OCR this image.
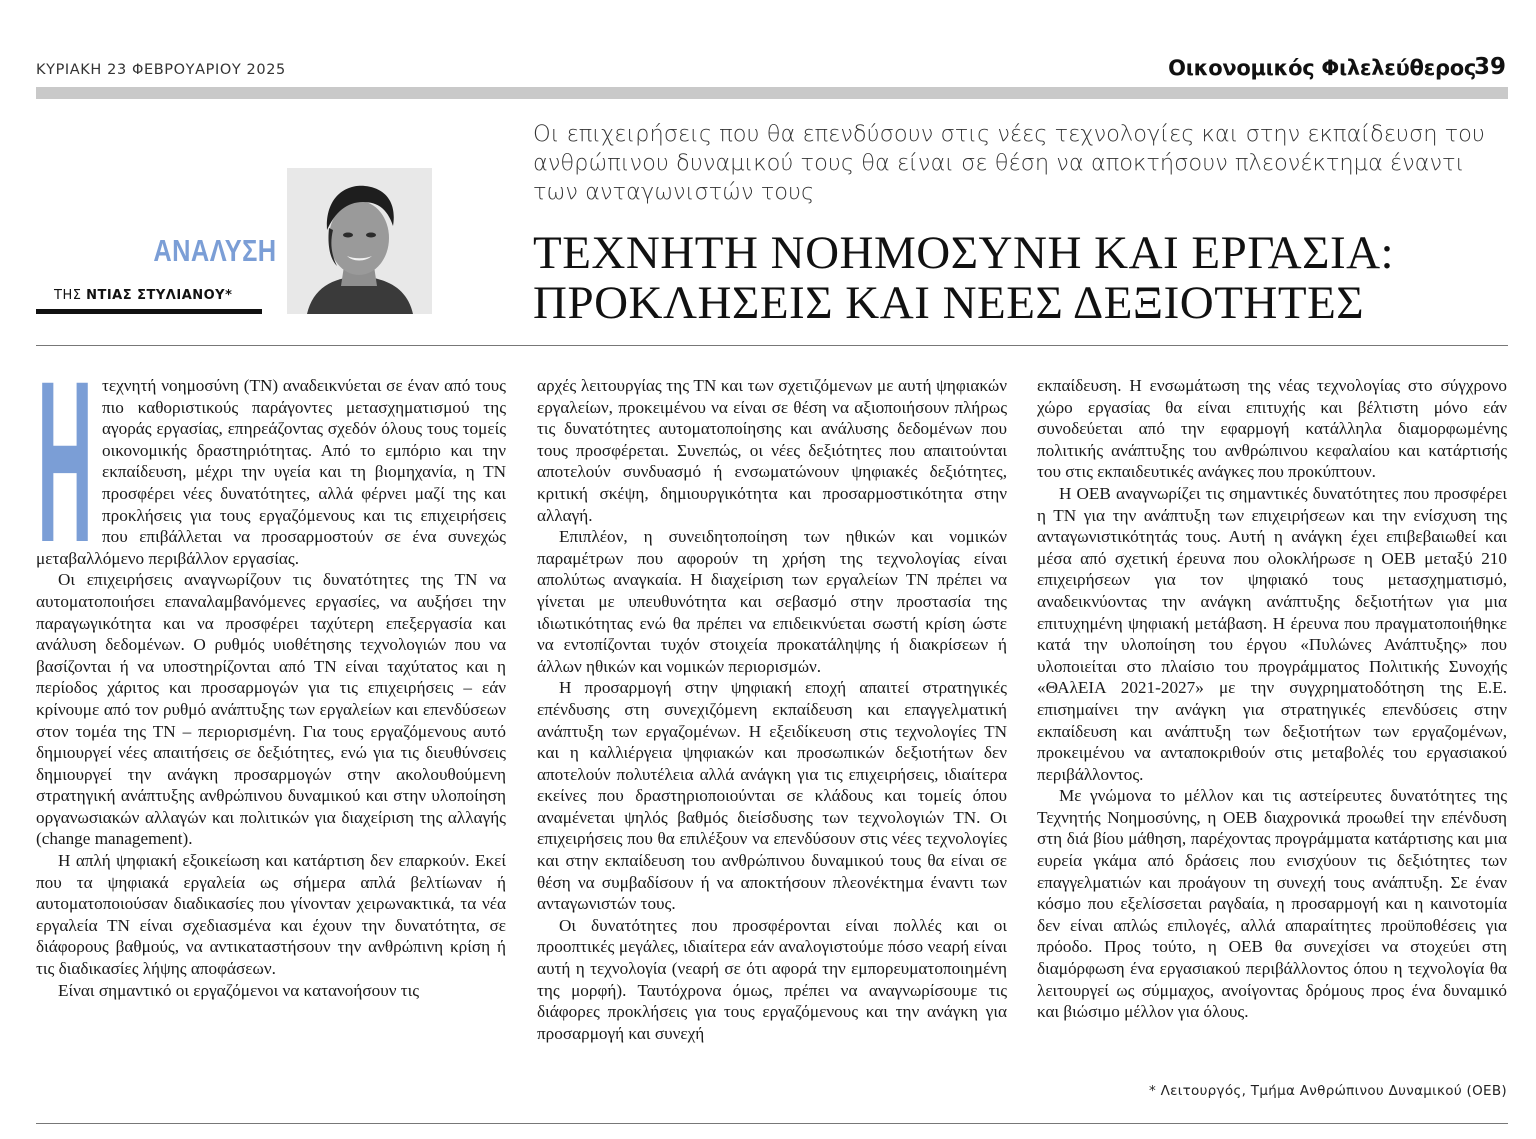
ΚΥΡΙΑΚΗ 23 ΦΕΒΡΟΥΑΡΙΟΥ 2025	Οικονομικός Φιλελεύθερος
39
ΑΝΑΛΥΣΗ
ΤΗΣ ΝΤΙΑΣ ΣΤΥΛΙΑΝΟΥ*
Οι επιχειρήσεις που θα επενδύσουν στις νέες τεχνολογίες και στην εκπαίδευση του ανθρώπινου δυναμικού τους θα είναι σε θέση να αποκτήσουν πλεονέκτημα έναντι των ανταγωνιστών τους
ΤΕΧΝΗΤΗ ΝΟΗΜΟΣΥΝΗ ΚΑΙ ΕΡΓΑΣΙΑ:
ΠΡΟΚΛΗΣΕΙΣ ΚΑΙ ΝΕΕΣ ΔΕΞΙΟΤΗΤΕΣ
Η τεχνητή νοημοσύνη (ΤΝ) αναδεικνύεται σε έναν από τους πιο καθοριστικούς παράγοντες μετασχηματισμού της αγοράς εργασίας, επηρεάζοντας σχεδόν όλους τους τομείς οικονομικής δραστηριότητας. Από το εμπόριο και την εκπαίδευση, μέχρι την υγεία και τη βιομηχανία, η ΤΝ προσφέρει νέες δυνατότητες, αλλά φέρνει μαζί της και προκλήσεις για τους εργαζόμενους και τις επιχειρήσεις που επιβάλλεται να προσαρμοστούν σε ένα συνεχώς μεταβαλλόμενο περιβάλλον εργασίας.

Οι επιχειρήσεις αναγνωρίζουν τις δυνατότητες της ΤΝ να αυτοματοποιήσει επαναλαμβανόμενες εργασίες, να αυξήσει την παραγωγικότητα και να προσφέρει ταχύτερη επεξεργασία και ανάλυση δεδομένων. Ο ρυθμός υιοθέτησης τεχνολογιών που να βασίζονται ή να υποστηρίζονται από ΤΝ είναι ταχύτατος και η περίοδος χάριτος και προσαρμογών για τις επιχειρήσεις – εάν κρίνουμε από τον ρυθμό ανάπτυξης των εργαλείων και επενδύσεων στον τομέα της ΤΝ – περιορισμένη. Για τους εργαζόμενους αυτό δημιουργεί νέες απαιτήσεις σε δεξιότητες, ενώ για τις διευθύνσεις δημιουργεί την ανάγκη προσαρμογών στην ακολουθούμενη στρατηγική ανάπτυξης ανθρώπινου δυναμικού και στην υλοποίηση οργανωσιακών αλλαγών και πολιτικών για διαχείριση της αλλαγής (change management).

Η απλή ψηφιακή εξοικείωση και κατάρτιση δεν επαρκούν. Εκεί που τα ψηφιακά εργαλεία ως σήμερα απλά βελτίωναν ή αυτοματοποιούσαν διαδικασίες που γίνονταν χειρωνακτικά, τα νέα εργαλεία ΤΝ είναι σχεδιασμένα και έχουν την δυνατότητα, σε διάφορους βαθμούς, να αντικαταστήσουν την ανθρώπινη κρίση ή τις διαδικασίες λήψης αποφάσεων.

Είναι σημαντικό οι εργαζόμενοι να κατανοήσουν τις

αρχές λειτουργίας της ΤΝ και των σχετιζόμενων με αυτή ψηφιακών εργαλείων, προκειμένου να είναι σε θέση να αξιοποιήσουν πλήρως τις δυνατότητες αυτοματοποίησης και ανάλυσης δεδομένων που τους προσφέρεται. Συνεπώς, οι νέες δεξιότητες που απαιτούνται αποτελούν συνδυασμό ή ενσωματώνουν ψηφιακές δεξιότητες, κριτική σκέψη, δημιουργικότητα και προσαρμοστικότητα στην αλλαγή.

Επιπλέον, η συνειδητοποίηση των ηθικών και νομικών παραμέτρων που αφορούν τη χρήση της τεχνολογίας είναι απολύτως αναγκαία. Η διαχείριση των εργαλείων ΤΝ πρέπει να γίνεται με υπευθυνότητα και σεβασμό στην προστασία της ιδιωτικότητας ενώ θα πρέπει να επιδεικνύεται σωστή κρίση ώστε να εντοπίζονται τυχόν στοιχεία προκατάληψης ή διακρίσεων ή άλλων ηθικών και νομικών περιορισμών.

Η προσαρμογή στην ψηφιακή εποχή απαιτεί στρατηγικές επένδυσης στη συνεχιζόμενη εκπαίδευση και επαγγελματική ανάπτυξη των εργαζομένων. Η εξειδίκευση στις τεχνολογίες ΤΝ και η καλλιέργεια ψηφιακών και προσωπικών δεξιοτήτων δεν αποτελούν πολυτέλεια αλλά ανάγκη για τις επιχειρήσεις, ιδιαίτερα εκείνες που δραστηριοποιούνται σε κλάδους και τομείς όπου αναμένεται ψηλός βαθμός διείσδυσης των τεχνολογιών ΤΝ. Οι επιχειρήσεις που θα επιλέξουν να επενδύσουν στις νέες τεχνολογίες και στην εκπαίδευση του ανθρώπινου δυναμικού τους θα είναι σε θέση να συμβαδίσουν ή να αποκτήσουν πλεονέκτημα έναντι των ανταγωνιστών τους.

Οι δυνατότητες που προσφέρονται είναι πολλές και οι προοπτικές μεγάλες, ιδιαίτερα εάν αναλογιστούμε πόσο νεαρή είναι αυτή η τεχνολογία (νεαρή σε ότι αφορά την εμπορευματοποιημένη της μορφή). Ταυτόχρονα όμως, πρέπει να αναγνωρίσουμε τις διάφορες προκλήσεις για τους εργαζόμενους και την ανάγκη για προσαρμογή και συνεχή

εκπαίδευση. Η ενσωμάτωση της νέας τεχνολογίας στο σύγχρονο χώρο εργασίας θα είναι επιτυχής και βέλτιστη μόνο εάν συνοδεύεται από την εφαρμογή κατάλληλα διαμορφωμένης πολιτικής ανάπτυξης του ανθρώπινου κεφαλαίου και κατάρτισής του στις εκπαιδευτικές ανάγκες που προκύπτουν.

Η ΟΕΒ αναγνωρίζει τις σημαντικές δυνατότητες που προσφέρει η ΤΝ για την ανάπτυξη των επιχειρήσεων και την ενίσχυση της ανταγωνιστικότητάς τους. Αυτή η ανάγκη έχει επιβεβαιωθεί και μέσα από σχετική έρευνα που ολοκλήρωσε η ΟΕΒ μεταξύ 210 επιχειρήσεων για τον ψηφιακό τους μετασχηματισμό, αναδεικνύοντας την ανάγκη ανάπτυξης δεξιοτήτων για μια επιτυχημένη ψηφιακή μετάβαση. Η έρευνα που πραγματοποιήθηκε κατά την υλοποίηση του έργου «Πυλώνες Ανάπτυξης» που υλοποιείται στο πλαίσιο του προγράμματος Πολιτικής Συνοχής «ΘΑλΕΙΑ 2021-2027» με την συγχρηματοδότηση της Ε.Ε. επισημαίνει την ανάγκη για στρατηγικές επενδύσεις στην εκπαίδευση και ανάπτυξη των δεξιοτήτων των εργαζομένων, προκειμένου να ανταποκριθούν στις μεταβολές του εργασιακού περιβάλλοντος.

Με γνώμονα το μέλλον και τις αστείρευτες δυνατότητες της Τεχνητής Νοημοσύνης, η ΟΕΒ διαχρονικά προωθεί την επένδυση στη διά βίου μάθηση, παρέχοντας προγράμματα κατάρτισης και μια ευρεία γκάμα από δράσεις που ενισχύουν τις δεξιότητες των επαγγελματιών και προάγουν τη συνεχή τους ανάπτυξη. Σε έναν κόσμο που εξελίσσεται ραγδαία, η προσαρμογή και η καινοτομία δεν είναι απλώς επιλογές, αλλά απαραίτητες προϋποθέσεις για πρόοδο. Προς τούτο, η ΟΕΒ θα συνεχίσει να στοχεύει στη διαμόρφωση ένα εργασιακού περιβάλλοντος όπου η τεχνολογία θα λειτουργεί ως σύμμαχος, ανοίγοντας δρόμους προς ένα δυναμικό και βιώσιμο μέλλον για όλους.

* Λειτουργός, Τμήμα Ανθρώπινου Δυναμικού (ΟΕΒ)
